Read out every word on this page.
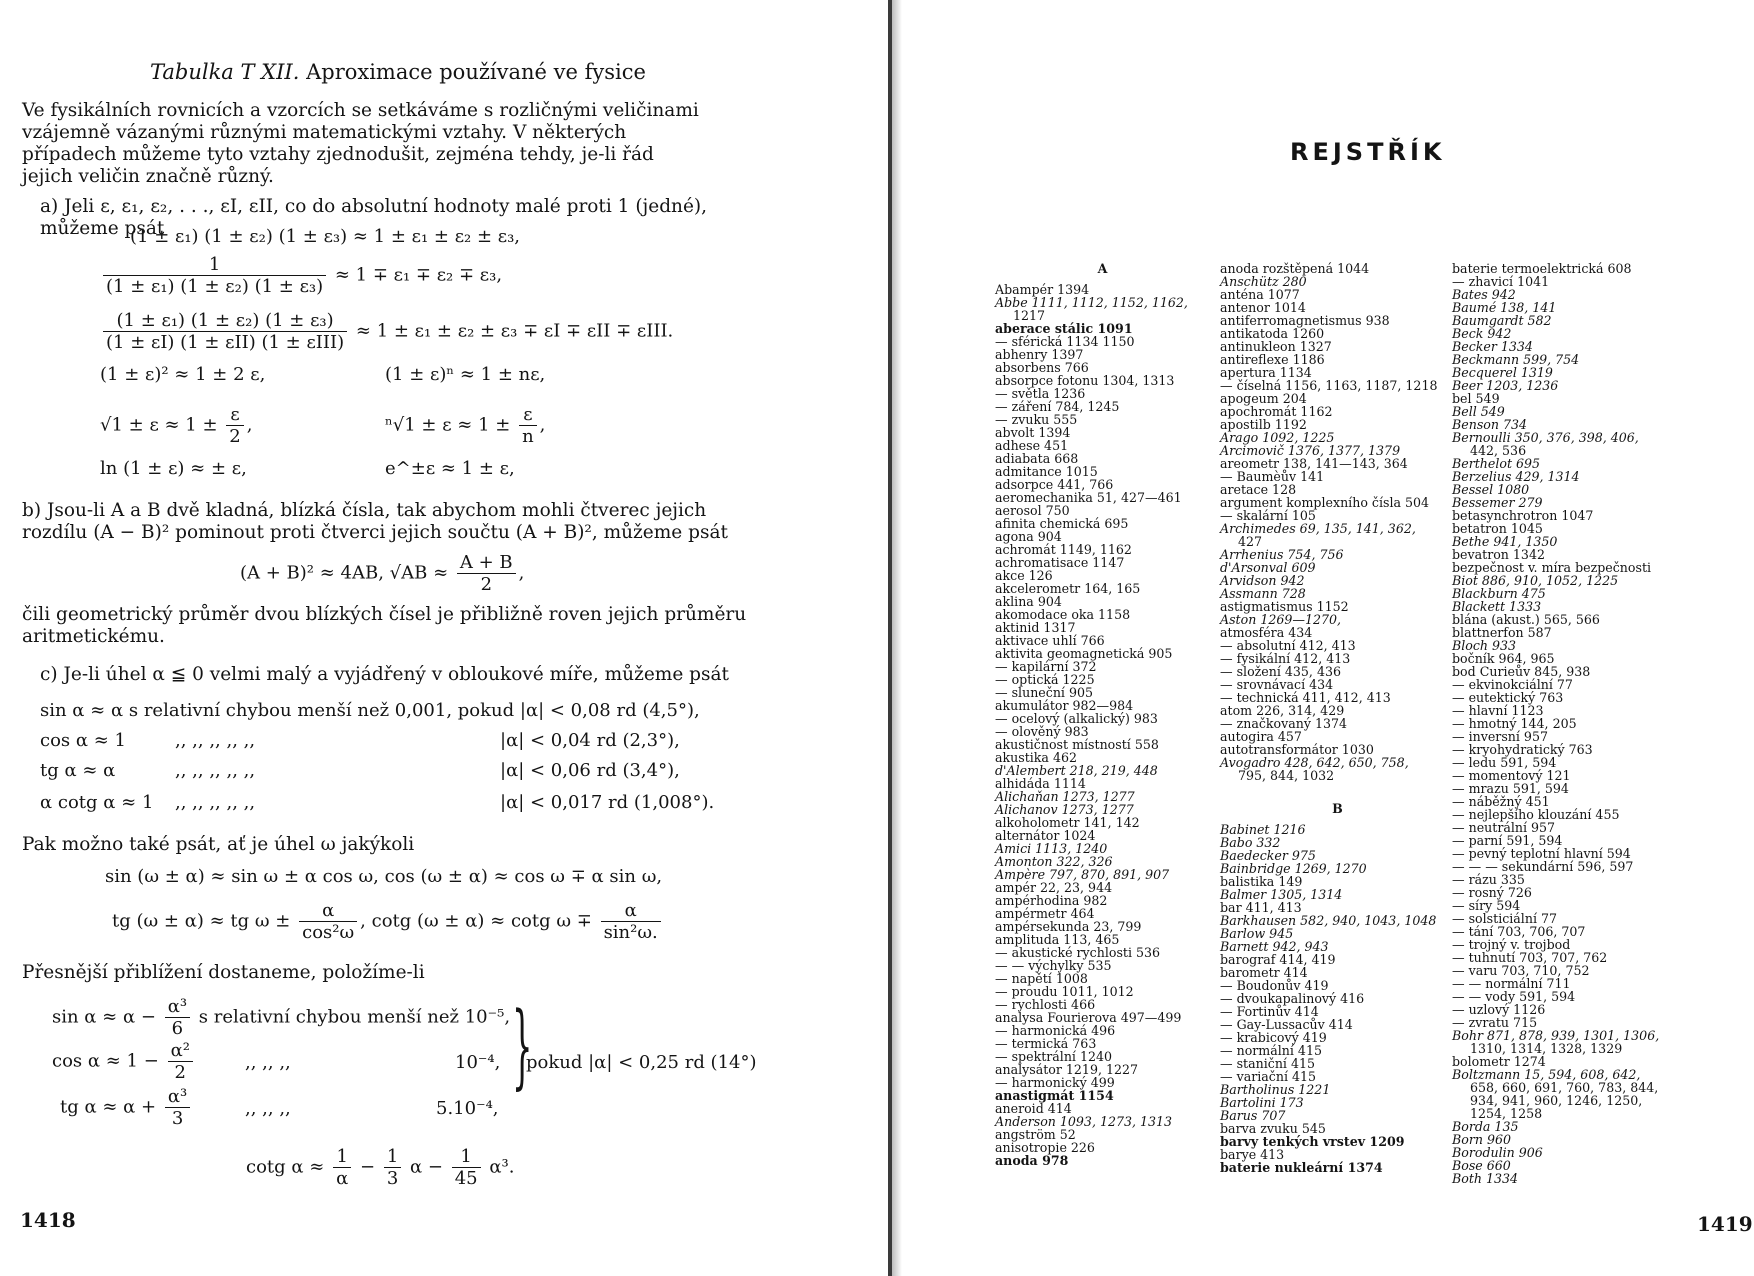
Tabulka T XII. Aproximace používané ve fysice
Ve fysikálních rovnicích a vzorcích se setkáváme s rozličnými veličinami vzájemně vázanými různými matematickými vztahy. V některých případech můžeme tyto vztahy zjednodušit, zejména tehdy, je-li řád jejich veličin značně různý.
a) Jeli ε, ε₁, ε₂, . . ., εI, εII, co do absolutní hodnoty malé proti 1 (jedné), můžeme psát
(1 ± ε₁) (1 ± ε₂) (1 ± ε₃) ≈ 1 ± ε₁ ± ε₂ ± ε₃,
$\frac{1}{\text{(1 ± ε₁) (1 ± ε₂) (1 ± ε₃)}} \approx 1 \mp \varepsilon_1 \mp \varepsilon_2 \mp \varepsilon_3$,
$\frac{\text{(1 ± ε₁) (1 ± ε₂) (1 ± ε₃)}}{\text{(1 ± εI) (1 ± εII) (1 ± εIII)}} \approx 1 \pm \varepsilon_1 \pm \varepsilon_2 \pm \varepsilon_3 \mp \varepsilon I \mp \varepsilon II \mp \varepsilon III$.
(1 ± ε)² ≈ 1 ± 2 ε,	(1 ± ε)ⁿ ≈ 1 ± nε,
$√1 \pm \varepsilon \approx 1 \pm \frac{\varepsilon}{2}$ ,	$^n√1 \pm \varepsilon \approx 1 \pm \frac{\varepsilon}{n}$ ,
ln (1 ± ε) ≈ ± ε,	e^±ε ≈ 1 ± ε,
b) Jsou-li A a B dvě kladná, blízká čísla, tak abychom mohli čtverec jejich rozdílu (A − B)² pominout proti čtverci jejich součtu (A + B)², můžeme psát
(A + B)² ≈ 4AB, $√AB \approx \frac{A + B}{2}$ ,
čili geometrický průměr dvou blízkých čísel je přibližně roven jejich průměru aritmetickému.
c) Je-li úhel α ≦ 0 velmi malý a vyjádřený v obloukové míře, můžeme psát
sin α ≈ α s relativní chybou menší než 0,001, pokud |α| < 0,08 rd (4,5°),
cos α ≈ 1	,, ,, ,, ,, ,,	|α| < 0,04 rd (2,3°),
tg α ≈ α	,, ,, ,, ,, ,,	|α| < 0,06 rd (3,4°),
α cotg α ≈ 1 ,, ,, ,, ,, ,,	|α| < 0,017 rd (1,008°).
Pak možno také psát, ať je úhel ω jakýkoli
sin (ω ± α) ≈ sin ω ± α cos ω, cos (ω ± α) ≈ cos ω ∓ α sin ω,
tg (ω ± α) ≈ tg $\omega \pm \frac{\alpha}{\text{cos²ω}}$ , cotg (ω ± α) ≈ cotg $\omega \mp \frac{\alpha}{\text{sin²ω.}}$
Přesnější přiblížení dostaneme, položíme-li
$\sin \alpha \approx \alpha - \frac{\text{α³}}{6}$ s relativní chybou menší než 10⁻⁵,
$\cos \alpha \approx 1 - \frac{\text{α²}}{2}$	,, ,, ,,	10⁻⁴,
tg $\alpha \approx \alpha + \frac{\text{α³}}{3}$	,, ,, ,,	5.10⁻⁴,
}
pokud |α| < 0,25 rd (14°)
cotg $\alpha \approx \frac{1}{\alpha} - \frac{1}{3}$ $\alpha - \frac{1}{45} \alpha^3$.
1418
REJSTŘÍK
A
Abampér 1394
Abbe 1111, 1112, 1152, 1162,
1217
aberace stálic 1091
— sférická 1134 1150
abhenry 1397
absorbens 766
absorpce fotonu 1304, 1313
— světla 1236
— záření 784, 1245
— zvuku 555
abvolt 1394
adhese 451
adiabata 668
admitance 1015
adsorpce 441, 766
aeromechanika 51, 427—461
aerosol 750
afinita chemická 695
agona 904
achromát 1149, 1162
achromatisace 1147
akce 126
akcelerometr 164, 165
aklina 904
akomodace oka 1158
aktinid 1317
aktivace uhlí 766
aktivita geomagnetická 905
— kapilární 372
— optická 1225
— sluneční 905
akumulátor 982—984
— ocelový (alkalický) 983
— olověný 983
akustičnost místností 558
akustika 462
d'Alembert 218, 219, 448
alhidáda 1114
Alichaňan 1273, 1277
Alichanov 1273, 1277
alkoholometr 141, 142
alternátor 1024
Amici 1113, 1240
Amonton 322, 326
Ampère 797, 870, 891, 907
ampér 22, 23, 944
ampérhodina 982
ampérmetr 464
ampérsekunda 23, 799
amplituda 113, 465
— akustické rychlosti 536
— — výchylky 535
— napětí 1008
— proudu 1011, 1012
— rychlosti 466
analysa Fourierova 497—499
— harmonická 496
— termická 763
— spektrální 1240
analysátor 1219, 1227
— harmonický 499
anastigmát 1154
aneroid 414
Anderson 1093, 1273, 1313
angström 52
anisotropie 226
anoda 978
anoda rozštěpená 1044
Anschütz 280
anténa 1077
antenor 1014
antiferromagnetismus 938
antikatoda 1260
antinukleon 1327
antireflexe 1186
apertura 1134
— číselná 1156, 1163, 1187, 1218
apogeum 204
apochromát 1162
apostilb 1192
Arago 1092, 1225
Arcimovič 1376, 1377, 1379
areometr 138, 141—143, 364
— Baumèův 141
aretace 128
argument komplexního čísla 504
— skalární 105
Archimedes 69, 135, 141, 362,
427
Arrhenius 754, 756
d'Arsonval 609
Arvidson 942
Assmann 728
astigmatismus 1152
Aston 1269—1270,
atmosféra 434
— absolutní 412, 413
— fysikální 412, 413
— složení 435, 436
— srovnávací 434
— technická 411, 412, 413
atom 226, 314, 429
— značkovaný 1374
autogira 457
autotransformátor 1030
Avogadro 428, 642, 650, 758,
795, 844, 1032
B
Babinet 1216
Babo 332
Baedecker 975
Bainbridge 1269, 1270
balistika 149
Balmer 1305, 1314
bar 411, 413
Barkhausen 582, 940, 1043, 1048
Barlow 945
Barnett 942, 943
barograf 414, 419
barometr 414
— Boudonův 419
— dvoukapalinový 416
— Fortinův 414
— Gay-Lussacův 414
— krabicový 419
— normální 415
— staniční 415
— variační 415
Bartholinus 1221
Bartolini 173
Barus 707
barva zvuku 545
barvy tenkých vrstev 1209
baryе 413
baterie nukleární 1374
baterie termoelektrická 608
— zhavicí 1041
Bates 942
Baumé 138, 141
Baumgardt 582
Beck 942
Becker 1334
Beckmann 599, 754
Becquerel 1319
Beer 1203, 1236
bel 549
Bell 549
Benson 734
Bernoulli 350, 376, 398, 406,
442, 536
Berthelot 695
Berzelius 429, 1314
Bessel 1080
Bessemer 279
betasynchrotron 1047
betatron 1045
Bethe 941, 1350
bevatron 1342
bezpečnost v. míra bezpečnosti
Biot 886, 910, 1052, 1225
Blackburn 475
Blackett 1333
blána (akust.) 565, 566
blattnerfon 587
Bloch 933
bočník 964, 965
bod Curieův 845, 938
— ekvinokciální 77
— eutektický 763
— hlavní 1123
— hmotný 144, 205
— inversní 957
— kryohydratický 763
— ledu 591, 594
— momentový 121
— mrazu 591, 594
— náběžný 451
— nejlepšího klouzání 455
— neutrální 957
— parní 591, 594
— pevný teplotní hlavní 594
— — — sekundární 596, 597
— rázu 335
— rosný 726
— síry 594
— solsticiální 77
— tání 703, 706, 707
— trojný v. trojbod
— tuhnutí 703, 707, 762
— varu 703, 710, 752
— — normální 711
— — vody 591, 594
— uzlový 1126
— zvratu 715
Bohr 871, 878, 939, 1301, 1306,
1310, 1314, 1328, 1329
bolometr 1274
Boltzmann 15, 594, 608, 642,
658, 660, 691, 760, 783, 844,
934, 941, 960, 1246, 1250,
1254, 1258
Borda 135
Born 960
Borodulin 906
Bose 660
Both 1334
1419
